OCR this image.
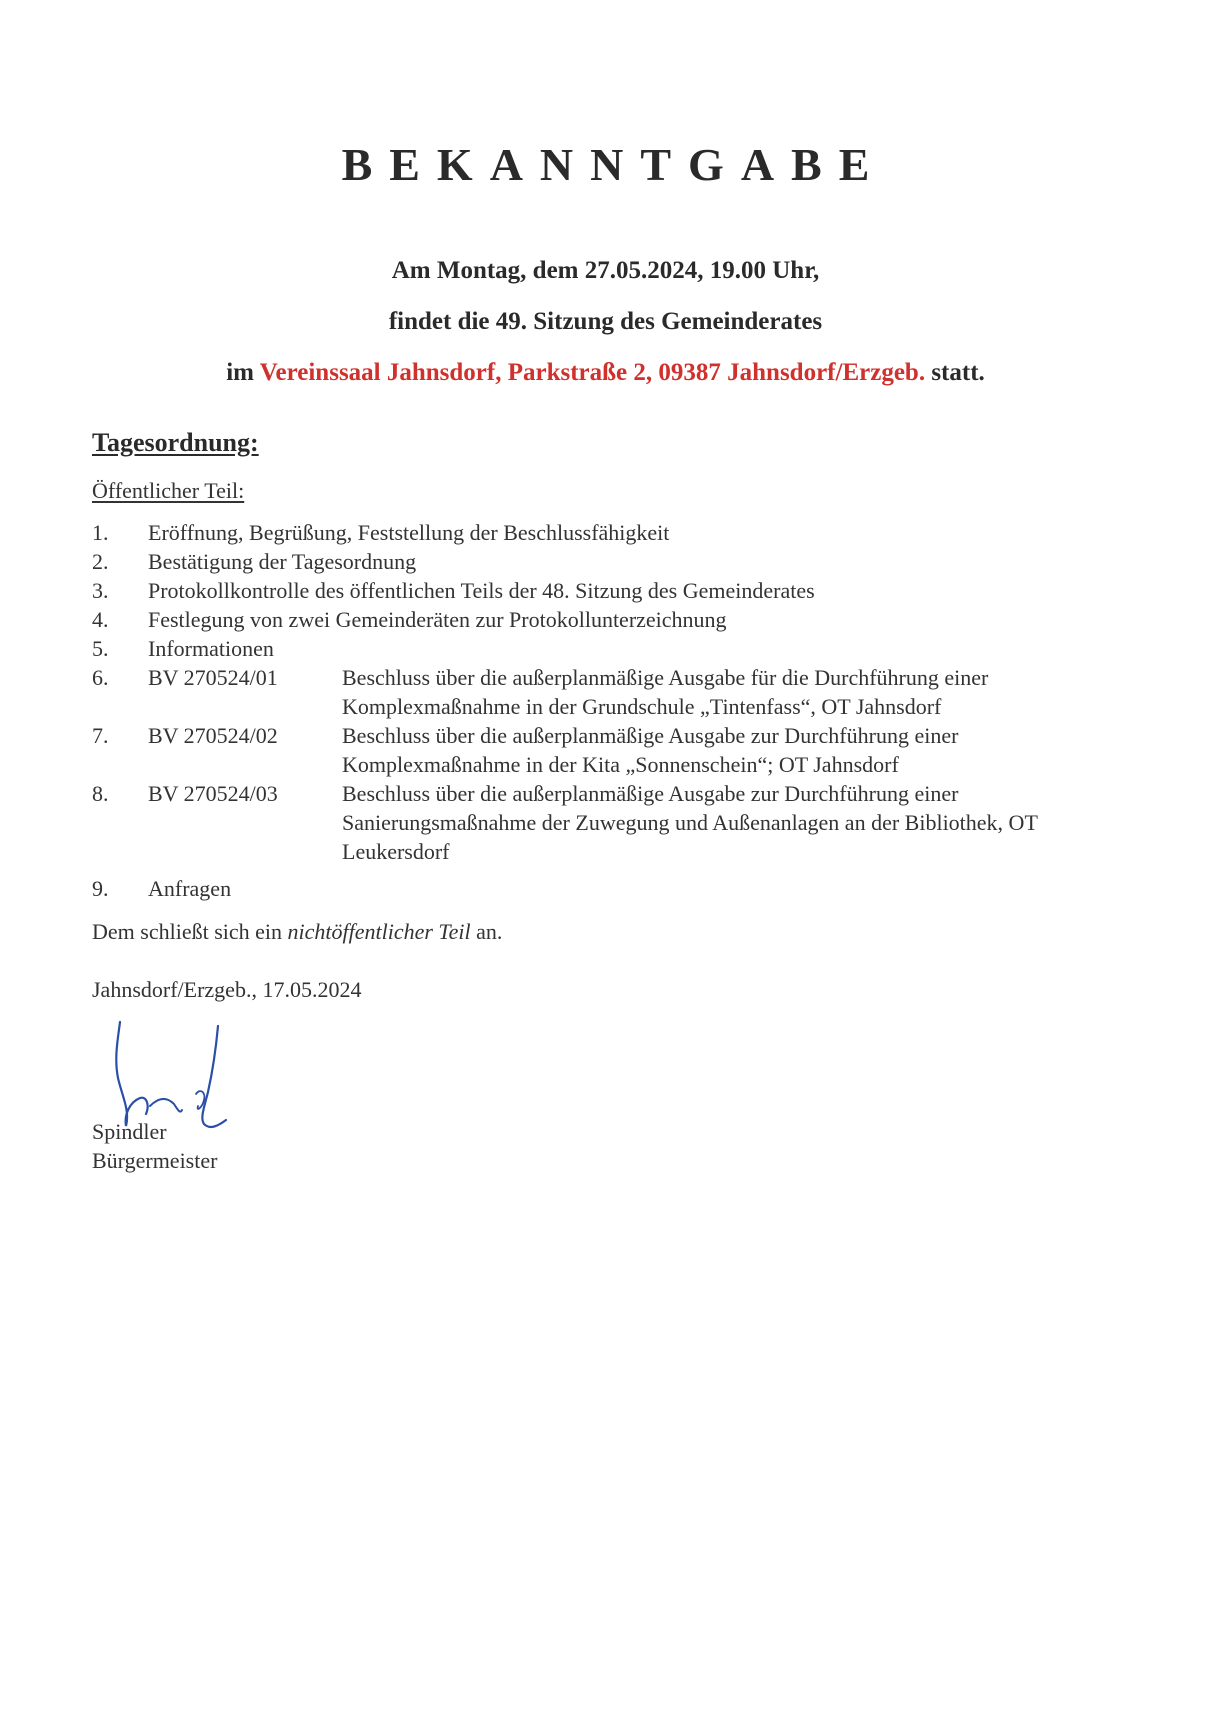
BEKANNTGABE
Am Montag, dem 27.05.2024, 19.00 Uhr,
findet die 49. Sitzung des Gemeinderates
im Vereinssaal Jahnsdorf, Parkstraße 2, 09387 Jahnsdorf/Erzgeb. statt.
Tagesordnung:
Öffentlicher Teil:
1.	Eröffnung, Begrüßung, Feststellung der Beschlussfähigkeit
2.	Bestätigung der Tagesordnung
3.	Protokollkontrolle des öffentlichen Teils der 48. Sitzung des Gemeinderates
4.	Festlegung von zwei Gemeinderäten zur Protokollunterzeichnung
5.	Informationen
6.	BV 270524/01	Beschluss über die außerplanmäßige Ausgabe für die Durchführung einer Komplexmaßnahme in der Grundschule „Tintenfass“, OT Jahnsdorf
7.	BV 270524/02	Beschluss über die außerplanmäßige Ausgabe zur Durchführung einer Komplexmaßnahme in der Kita „Sonnenschein“; OT Jahnsdorf
8.	BV 270524/03	Beschluss über die außerplanmäßige Ausgabe zur Durchführung einer Sanierungsmaßnahme der Zuwegung und Außenanlagen an der Bibliothek, OT Leukersdorf
9.	Anfragen
Dem schließt sich ein nichtöffentlicher Teil an.
Jahnsdorf/Erzgeb., 17.05.2024
Spindler
Bürgermeister
